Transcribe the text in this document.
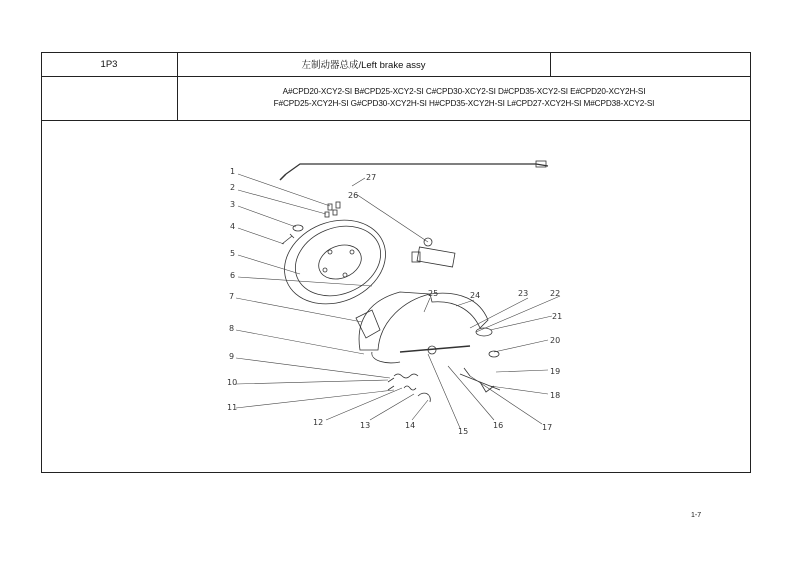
1P3	左制动器总成/Left brake assy
A#CPD20-XCY2-SI B#CPD25-XCY2-SI C#CPD30-XCY2-SI D#CPD35-XCY2-SI E#CPD20-XCY2H-SI
F#CPD25-XCY2H-SI G#CPD30-XCY2H-SI H#CPD35-XCY2H-SI L#CPD27-XCY2H-SI M#CPD38-XCY2-SI
1
2
3
4
5
6
7
8
9
10
11
12	13	14
15
16	17
18
19
20
21
22
23
24
25
26
27
1-7
